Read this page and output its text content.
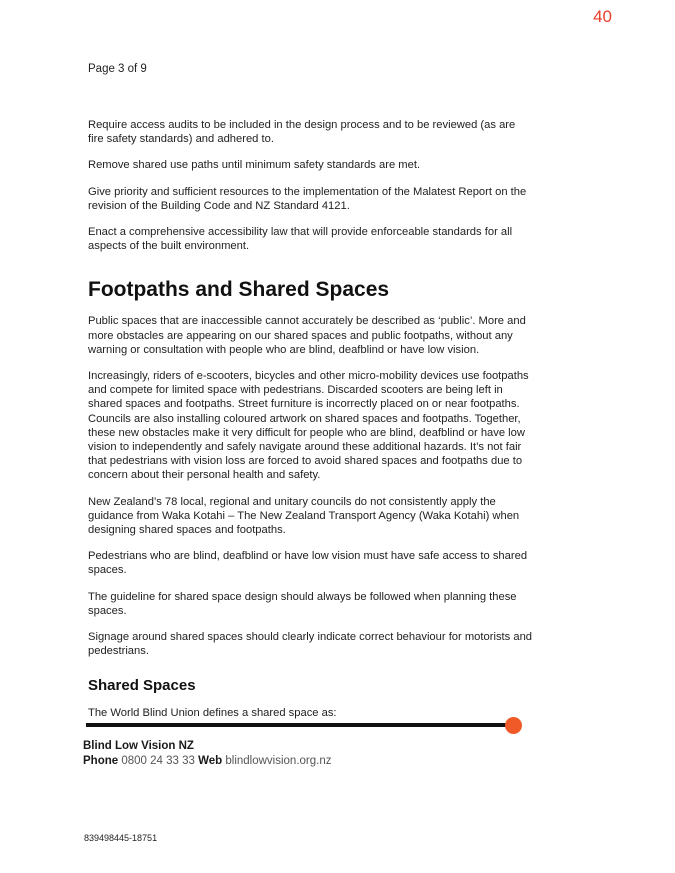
40
Page 3 of 9

Require access audits to be included in the design process and to be reviewed (as are fire safety standards) and adhered to.

Remove shared use paths until minimum safety standards are met.

Give priority and sufficient resources to the implementation of the Malatest Report on the revision of the Building Code and NZ Standard 4121.

Enact a comprehensive accessibility law that will provide enforceable standards for all aspects of the built environment.

Footpaths and Shared Spaces

Public spaces that are inaccessible cannot accurately be described as ‘public’. More and more obstacles are appearing on our shared spaces and public footpaths, without any warning or consultation with people who are blind, deafblind or have low vision.

Increasingly, riders of e-scooters, bicycles and other micro-mobility devices use footpaths and compete for limited space with pedestrians. Discarded scooters are being left in shared spaces and footpaths. Street furniture is incorrectly placed on or near footpaths. Councils are also installing coloured artwork on shared spaces and footpaths. Together, these new obstacles make it very difficult for people who are blind, deafblind or have low vision to independently and safely navigate around these additional hazards. It’s not fair that pedestrians with vision loss are forced to avoid shared spaces and footpaths due to concern about their personal health and safety.

New Zealand’s 78 local, regional and unitary councils do not consistently apply the guidance from Waka Kotahi – The New Zealand Transport Agency (Waka Kotahi) when designing shared spaces and footpaths.

Pedestrians who are blind, deafblind or have low vision must have safe access to shared spaces.

The guideline for shared space design should always be followed when planning these spaces.

Signage around shared spaces should clearly indicate correct behaviour for motorists and pedestrians.

Shared Spaces

The World Blind Union defines a shared space as:

Blind Low Vision NZ
Phone 0800 24 33 33 Web blindlowvision.org.nz
839498445-18751
